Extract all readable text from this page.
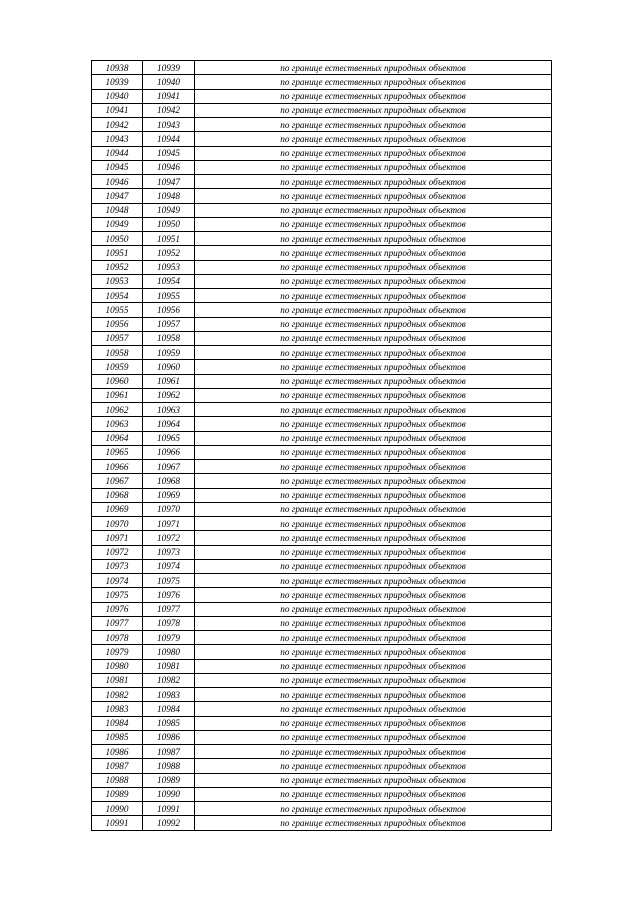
10938	10939	по границе естественных природных объектов
10939	10940	по границе естественных природных объектов
10940	10941	по границе естественных природных объектов
10941	10942	по границе естественных природных объектов
10942	10943	по границе естественных природных объектов
10943	10944	по границе естественных природных объектов
10944	10945	по границе естественных природных объектов
10945	10946	по границе естественных природных объектов
10946	10947	по границе естественных природных объектов
10947	10948	по границе естественных природных объектов
10948	10949	по границе естественных природных объектов
10949	10950	по границе естественных природных объектов
10950	10951	по границе естественных природных объектов
10951	10952	по границе естественных природных объектов
10952	10953	по границе естественных природных объектов
10953	10954	по границе естественных природных объектов
10954	10955	по границе естественных природных объектов
10955	10956	по границе естественных природных объектов
10956	10957	по границе естественных природных объектов
10957	10958	по границе естественных природных объектов
10958	10959	по границе естественных природных объектов
10959	10960	по границе естественных природных объектов
10960	10961	по границе естественных природных объектов
10961	10962	по границе естественных природных объектов
10962	10963	по границе естественных природных объектов
10963	10964	по границе естественных природных объектов
10964	10965	по границе естественных природных объектов
10965	10966	по границе естественных природных объектов
10966	10967	по границе естественных природных объектов
10967	10968	по границе естественных природных объектов
10968	10969	по границе естественных природных объектов
10969	10970	по границе естественных природных объектов
10970	10971	по границе естественных природных объектов
10971	10972	по границе естественных природных объектов
10972	10973	по границе естественных природных объектов
10973	10974	по границе естественных природных объектов
10974	10975	по границе естественных природных объектов
10975	10976	по границе естественных природных объектов
10976	10977	по границе естественных природных объектов
10977	10978	по границе естественных природных объектов
10978	10979	по границе естественных природных объектов
10979	10980	по границе естественных природных объектов
10980	10981	по границе естественных природных объектов
10981	10982	по границе естественных природных объектов
10982	10983	по границе естественных природных объектов
10983	10984	по границе естественных природных объектов
10984	10985	по границе естественных природных объектов
10985	10986	по границе естественных природных объектов
10986	10987	по границе естественных природных объектов
10987	10988	по границе естественных природных объектов
10988	10989	по границе естественных природных объектов
10989	10990	по границе естественных природных объектов
10990	10991	по границе естественных природных объектов
10991	10992	по границе естественных природных объектов
